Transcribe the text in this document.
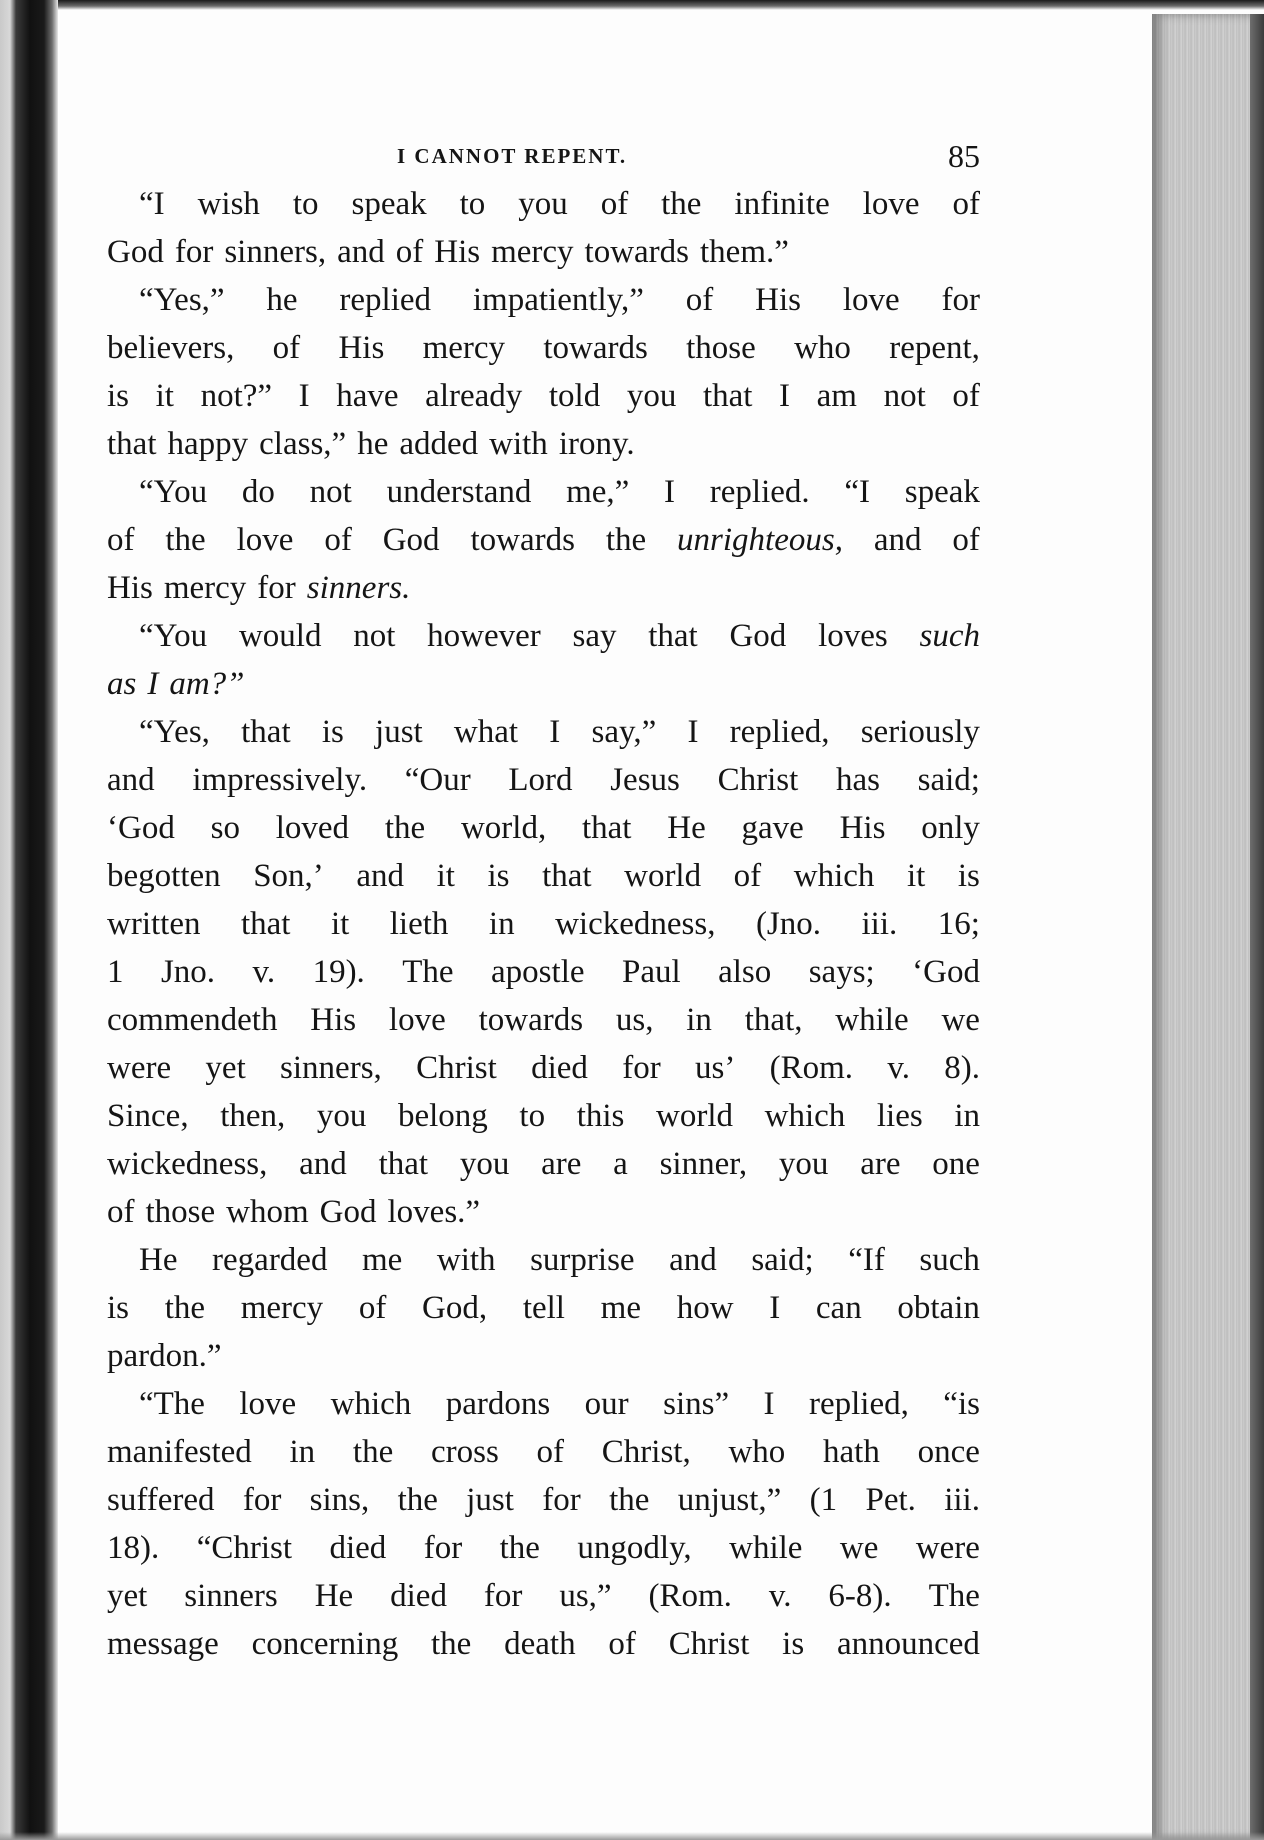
I CANNOT REPENT.	85
“I wish to speak to you of the infinite love of
God for sinners, and of His mercy towards them.”
“Yes,” he replied impatiently,” of His love for
believers, of His mercy towards those who repent,
is it not?” I have already told you that I am not of
that happy class,” he added with irony.
“You do not understand me,” I replied. “I speak
of the love of God towards the unrighteous, and of
His mercy for sinners.
“You would not however say that God loves such
as I am?”
“Yes, that is just what I say,” I replied, seriously
and impressively. “Our Lord Jesus Christ has said;
‘God so loved the world, that He gave His only
begotten Son,’ and it is that world of which it is
written that it lieth in wickedness, (Jno. iii. 16;
1 Jno. v. 19). The apostle Paul also says; ‘God
commendeth His love towards us, in that, while we
were yet sinners, Christ died for us’ (Rom. v. 8).
Since, then, you belong to this world which lies in
wickedness, and that you are a sinner, you are one
of those whom God loves.”
He regarded me with surprise and said; “If such
is the mercy of God, tell me how I can obtain
pardon.”
“The love which pardons our sins” I replied, “is
manifested in the cross of Christ, who hath once
suffered for sins, the just for the unjust,” (1 Pet. iii.
18). “Christ died for the ungodly, while we were
yet sinners He died for us,” (Rom. v. 6-8). The
message concerning the death of Christ is announced
